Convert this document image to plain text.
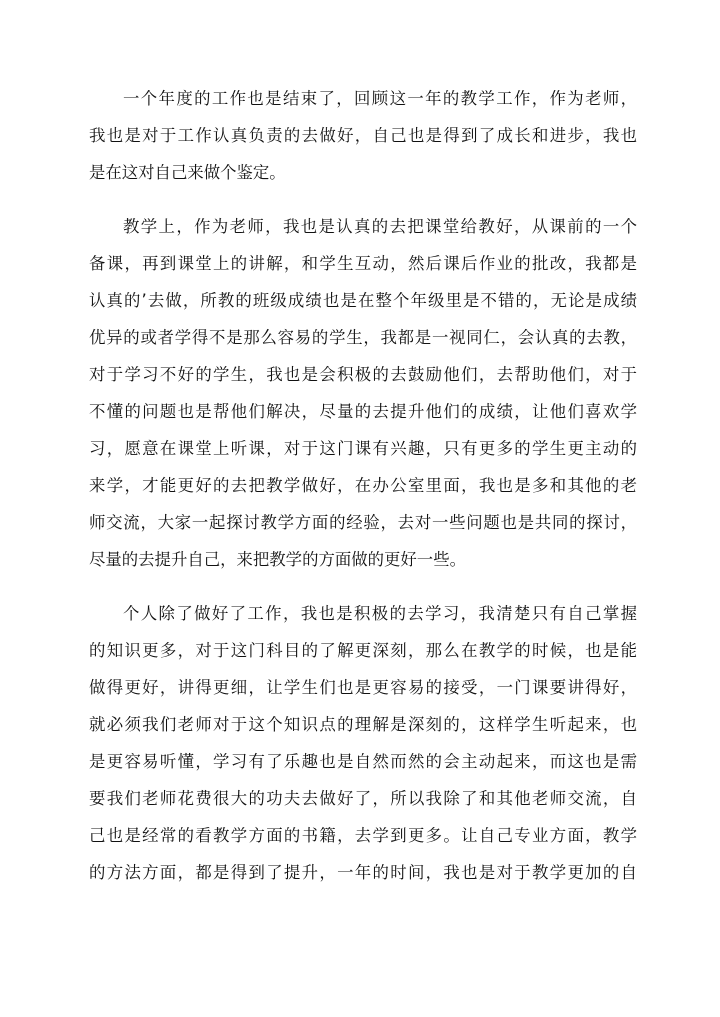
一个年度的工作也是结束了，回顾这一年的教学工作，作为老师，
我也是对于工作认真负责的去做好，自己也是得到了成长和进步，我也
是在这对自己来做个鉴定。
教学上，作为老师，我也是认真的去把课堂给教好，从课前的一个
备课，再到课堂上的讲解，和学生互动，然后课后作业的批改，我都是
认真的’去做，所教的班级成绩也是在整个年级里是不错的，无论是成绩
优异的或者学得不是那么容易的学生，我都是一视同仁，会认真的去教，
对于学习不好的学生，我也是会积极的去鼓励他们，去帮助他们，对于
不懂的问题也是帮他们解决，尽量的去提升他们的成绩，让他们喜欢学
习，愿意在课堂上听课，对于这门课有兴趣，只有更多的学生更主动的
来学，才能更好的去把教学做好，在办公室里面，我也是多和其他的老
师交流，大家一起探讨教学方面的经验，去对一些问题也是共同的探讨，
尽量的去提升自己，来把教学的方面做的更好一些。
个人除了做好了工作，我也是积极的去学习，我清楚只有自己掌握
的知识更多，对于这门科目的了解更深刻，那么在教学的时候，也是能
做得更好，讲得更细，让学生们也是更容易的接受，一门课要讲得好，
就必须我们老师对于这个知识点的理解是深刻的，这样学生听起来，也
是更容易听懂，学习有了乐趣也是自然而然的会主动起来，而这也是需
要我们老师花费很大的功夫去做好了，所以我除了和其他老师交流，自
己也是经常的看教学方面的书籍，去学到更多。让自己专业方面，教学
的方法方面，都是得到了提升，一年的时间，我也是对于教学更加的自
